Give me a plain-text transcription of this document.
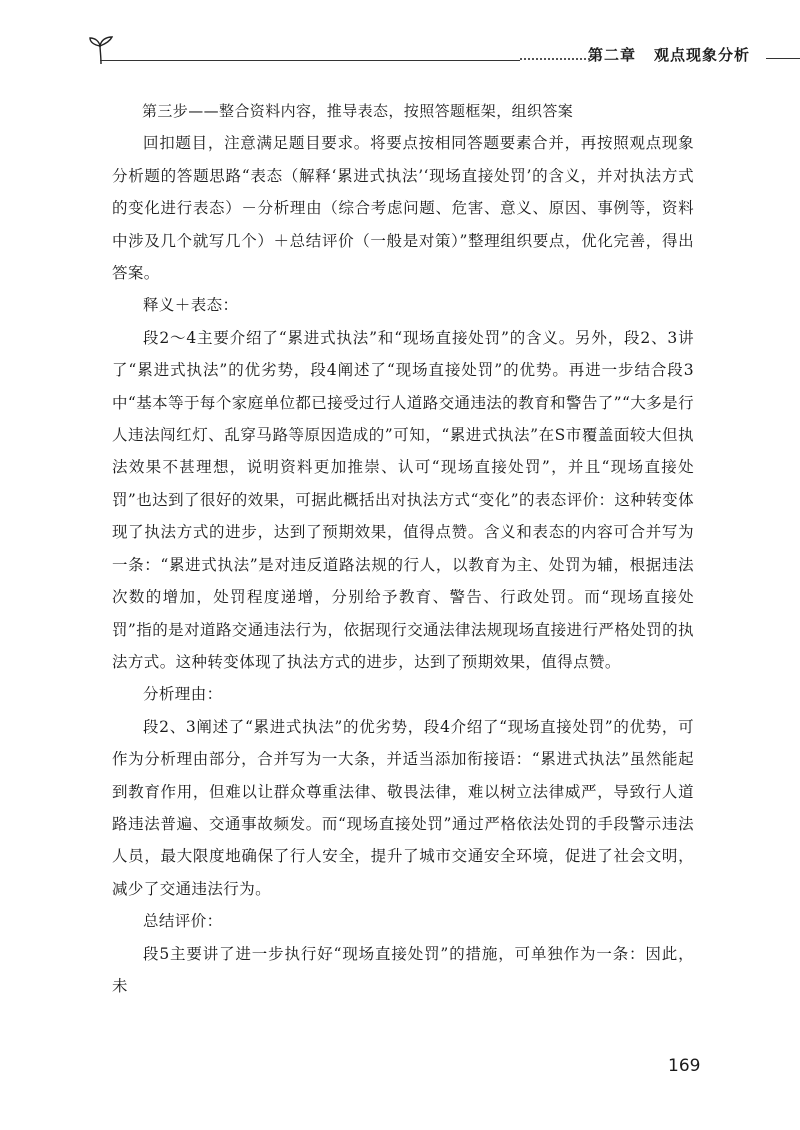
第二章 观点现象分析

第三步——整合资料内容，推导表态，按照答题框架，组织答案

回扣题目，注意满足题目要求。将要点按相同答题要素合并，再按照观点现象分析题的答题思路“表态（解释‘累进式执法’‘现场直接处罚’的含义，并对执法方式的变化进行表态）－分析理由（综合考虑问题、危害、意义、原因、事例等，资料中涉及几个就写几个）＋总结评价（一般是对策）”整理组织要点，优化完善，得出答案。

释义＋表态：

段2～4主要介绍了“累进式执法”和“现场直接处罚”的含义。另外，段2、3讲了“累进式执法”的优劣势，段4阐述了“现场直接处罚”的优势。再进一步结合段3中“基本等于每个家庭单位都已接受过行人道路交通违法的教育和警告了”“大多是行人违法闯红灯、乱穿马路等原因造成的”可知，“累进式执法”在S市覆盖面较大但执法效果不甚理想，说明资料更加推崇、认可“现场直接处罚”，并且“现场直接处罚”也达到了很好的效果，可据此概括出对执法方式“变化”的表态评价：这种转变体现了执法方式的进步，达到了预期效果，值得点赞。含义和表态的内容可合并写为一条：“累进式执法”是对违反道路法规的行人，以教育为主、处罚为辅，根据违法次数的增加，处罚程度递增，分别给予教育、警告、行政处罚。而“现场直接处罚”指的是对道路交通违法行为，依据现行交通法律法规现场直接进行严格处罚的执法方式。这种转变体现了执法方式的进步，达到了预期效果，值得点赞。

分析理由：

段2、3阐述了“累进式执法”的优劣势，段4介绍了“现场直接处罚”的优势，可作为分析理由部分，合并写为一大条，并适当添加衔接语：“累进式执法”虽然能起到教育作用，但难以让群众尊重法律、敬畏法律，难以树立法律威严，导致行人道路违法普遍、交通事故频发。而“现场直接处罚”通过严格依法处罚的手段警示违法人员，最大限度地确保了行人安全，提升了城市交通安全环境，促进了社会文明，减少了交通违法行为。

总结评价：

段5主要讲了进一步执行好“现场直接处罚”的措施，可单独作为一条：因此，未

169
